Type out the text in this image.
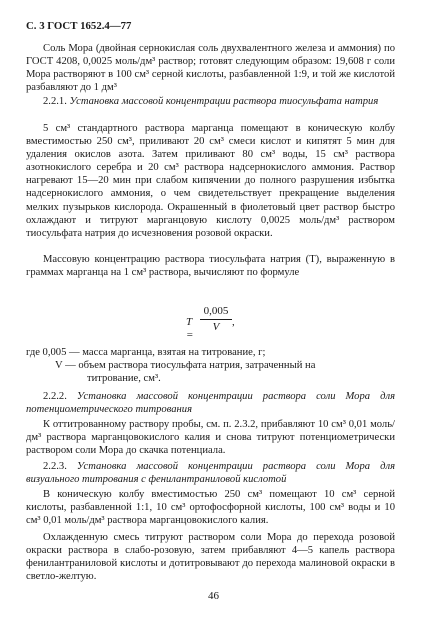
С. 3 ГОСТ 1652.4—77
Соль Мора (двойная сернокислая соль двухвалентного железа и аммония) по ГОСТ 4208, 0,0025 моль/дм³ раствор; готовят следующим образом: 19,608 г соли Мора растворяют в 100 см³ серной кислоты, разбавленной 1:9, и той же кислотой разбавляют до 1 дм³
2.2.1. Установка массовой концентрации раствора тиосульфата натрия
5 см³ стандартного раствора марганца помещают в коническую колбу вместимостью 250 см³, приливают 20 см³ смеси кислот и кипятят 5 мин для удаления окислов азота. Затем приливают 80 см³ воды, 15 см³ раствора азотнокислого серебра и 20 см³ раствора надсернокислого аммония. Раствор нагревают 15—20 мин при слабом кипячении до полного разрушения избытка надсернокислого аммония, о чем свидетельствует прекращение выделения мелких пузырьков кислорода. Окрашенный в фиолетовый цвет раствор быстро охлаждают и титруют марганцовую кислоту 0,0025 моль/дм³ раствором тиосульфата натрия до исчезновения розовой окраски.
Массовую концентрацию раствора тиосульфата натрия (T), выраженную в граммах марганца на 1 см³ раствора, вычисляют по формуле
T =
$\frac{0,005}{V}$ ,
где 0,005 — масса марганца, взятая на титрование, г;
V — объем раствора тиосульфата натрия, затраченный на
титрование, см³.
2.2.2. Установка массовой концентрации раствора соли Мора для потенциометрического титрования
К оттитрованному раствору пробы, см. п. 2.3.2, прибавляют 10 см³ 0,01 моль/дм³ раствора марганцовокислого калия и снова титруют потенциометрически раствором соли Мора до скачка потенциала.
2.2.3. Установка массовой концентрации раствора соли Мора для визуального титрования с фенилантраниловой кислотой
В коническую колбу вместимостью 250 см³ помещают 10 см³ серной кислоты, разбавленной 1:1, 10 см³ ортофосфорной кислоты, 100 см³ воды и 10 см³ 0,01 моль/дм³ раствора марганцовокислого калия.
Охлажденную смесь титруют раствором соли Мора до перехода розовой окраски раствора в слабо-розовую, затем прибавляют 4—5 капель раствора фенилантраниловой кислоты и дотитровывают до перехода малиновой окраски в светло-желтую.
46
